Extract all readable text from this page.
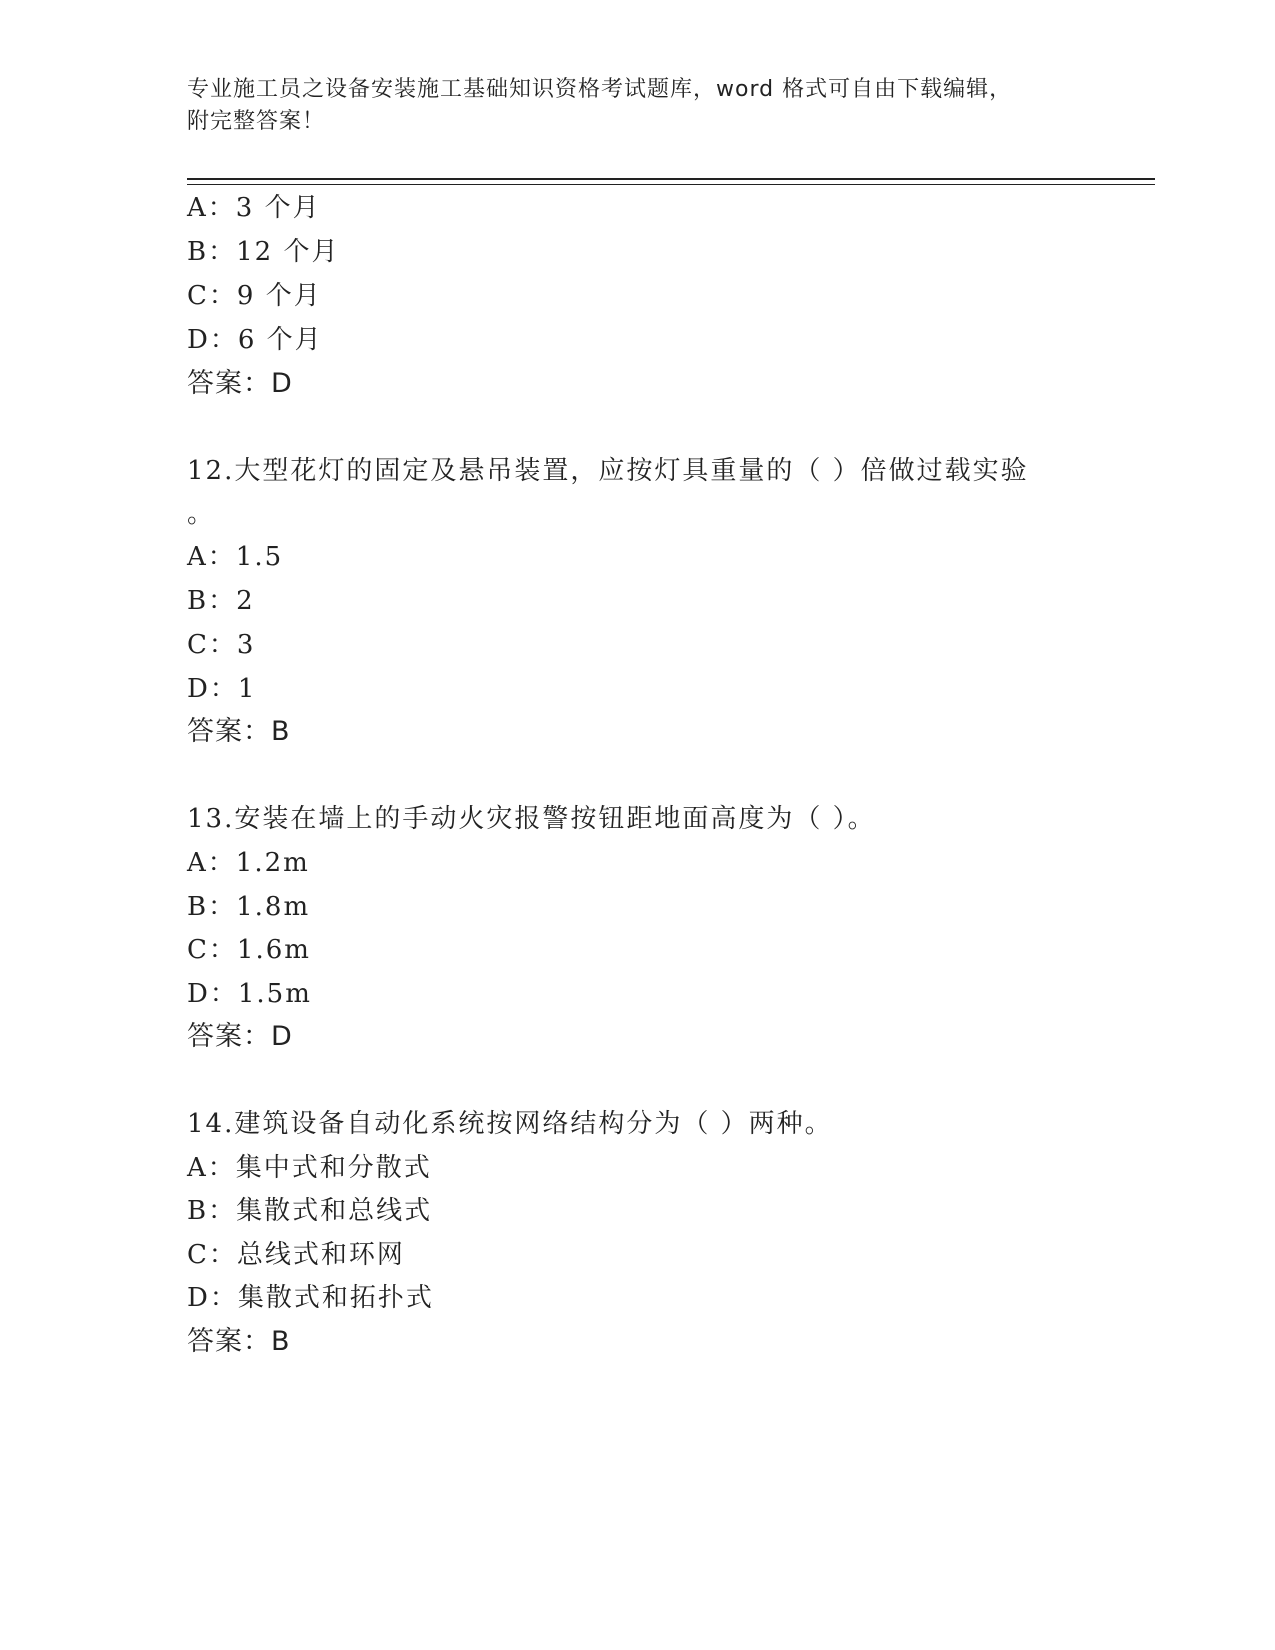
专业施工员之设备安装施工基础知识资格考试题库，word 格式可自由下载编辑，
附完整答案！
A：3 个月
B：12 个月
C：9 个月
D：6 个月
答案：D
12.大型花灯的固定及悬吊装置，应按灯具重量的（ ）倍做过载实验
。
A：1.5
B：2
C：3
D：1
答案：B
13.安装在墙上的手动火灾报警按钮距地面高度为（ ）。
A：1.2m
B：1.8m
C：1.6m
D：1.5m
答案：D
14.建筑设备自动化系统按网络结构分为（ ）两种。
A：集中式和分散式
B：集散式和总线式
C：总线式和环网
D：集散式和拓扑式
答案：B
